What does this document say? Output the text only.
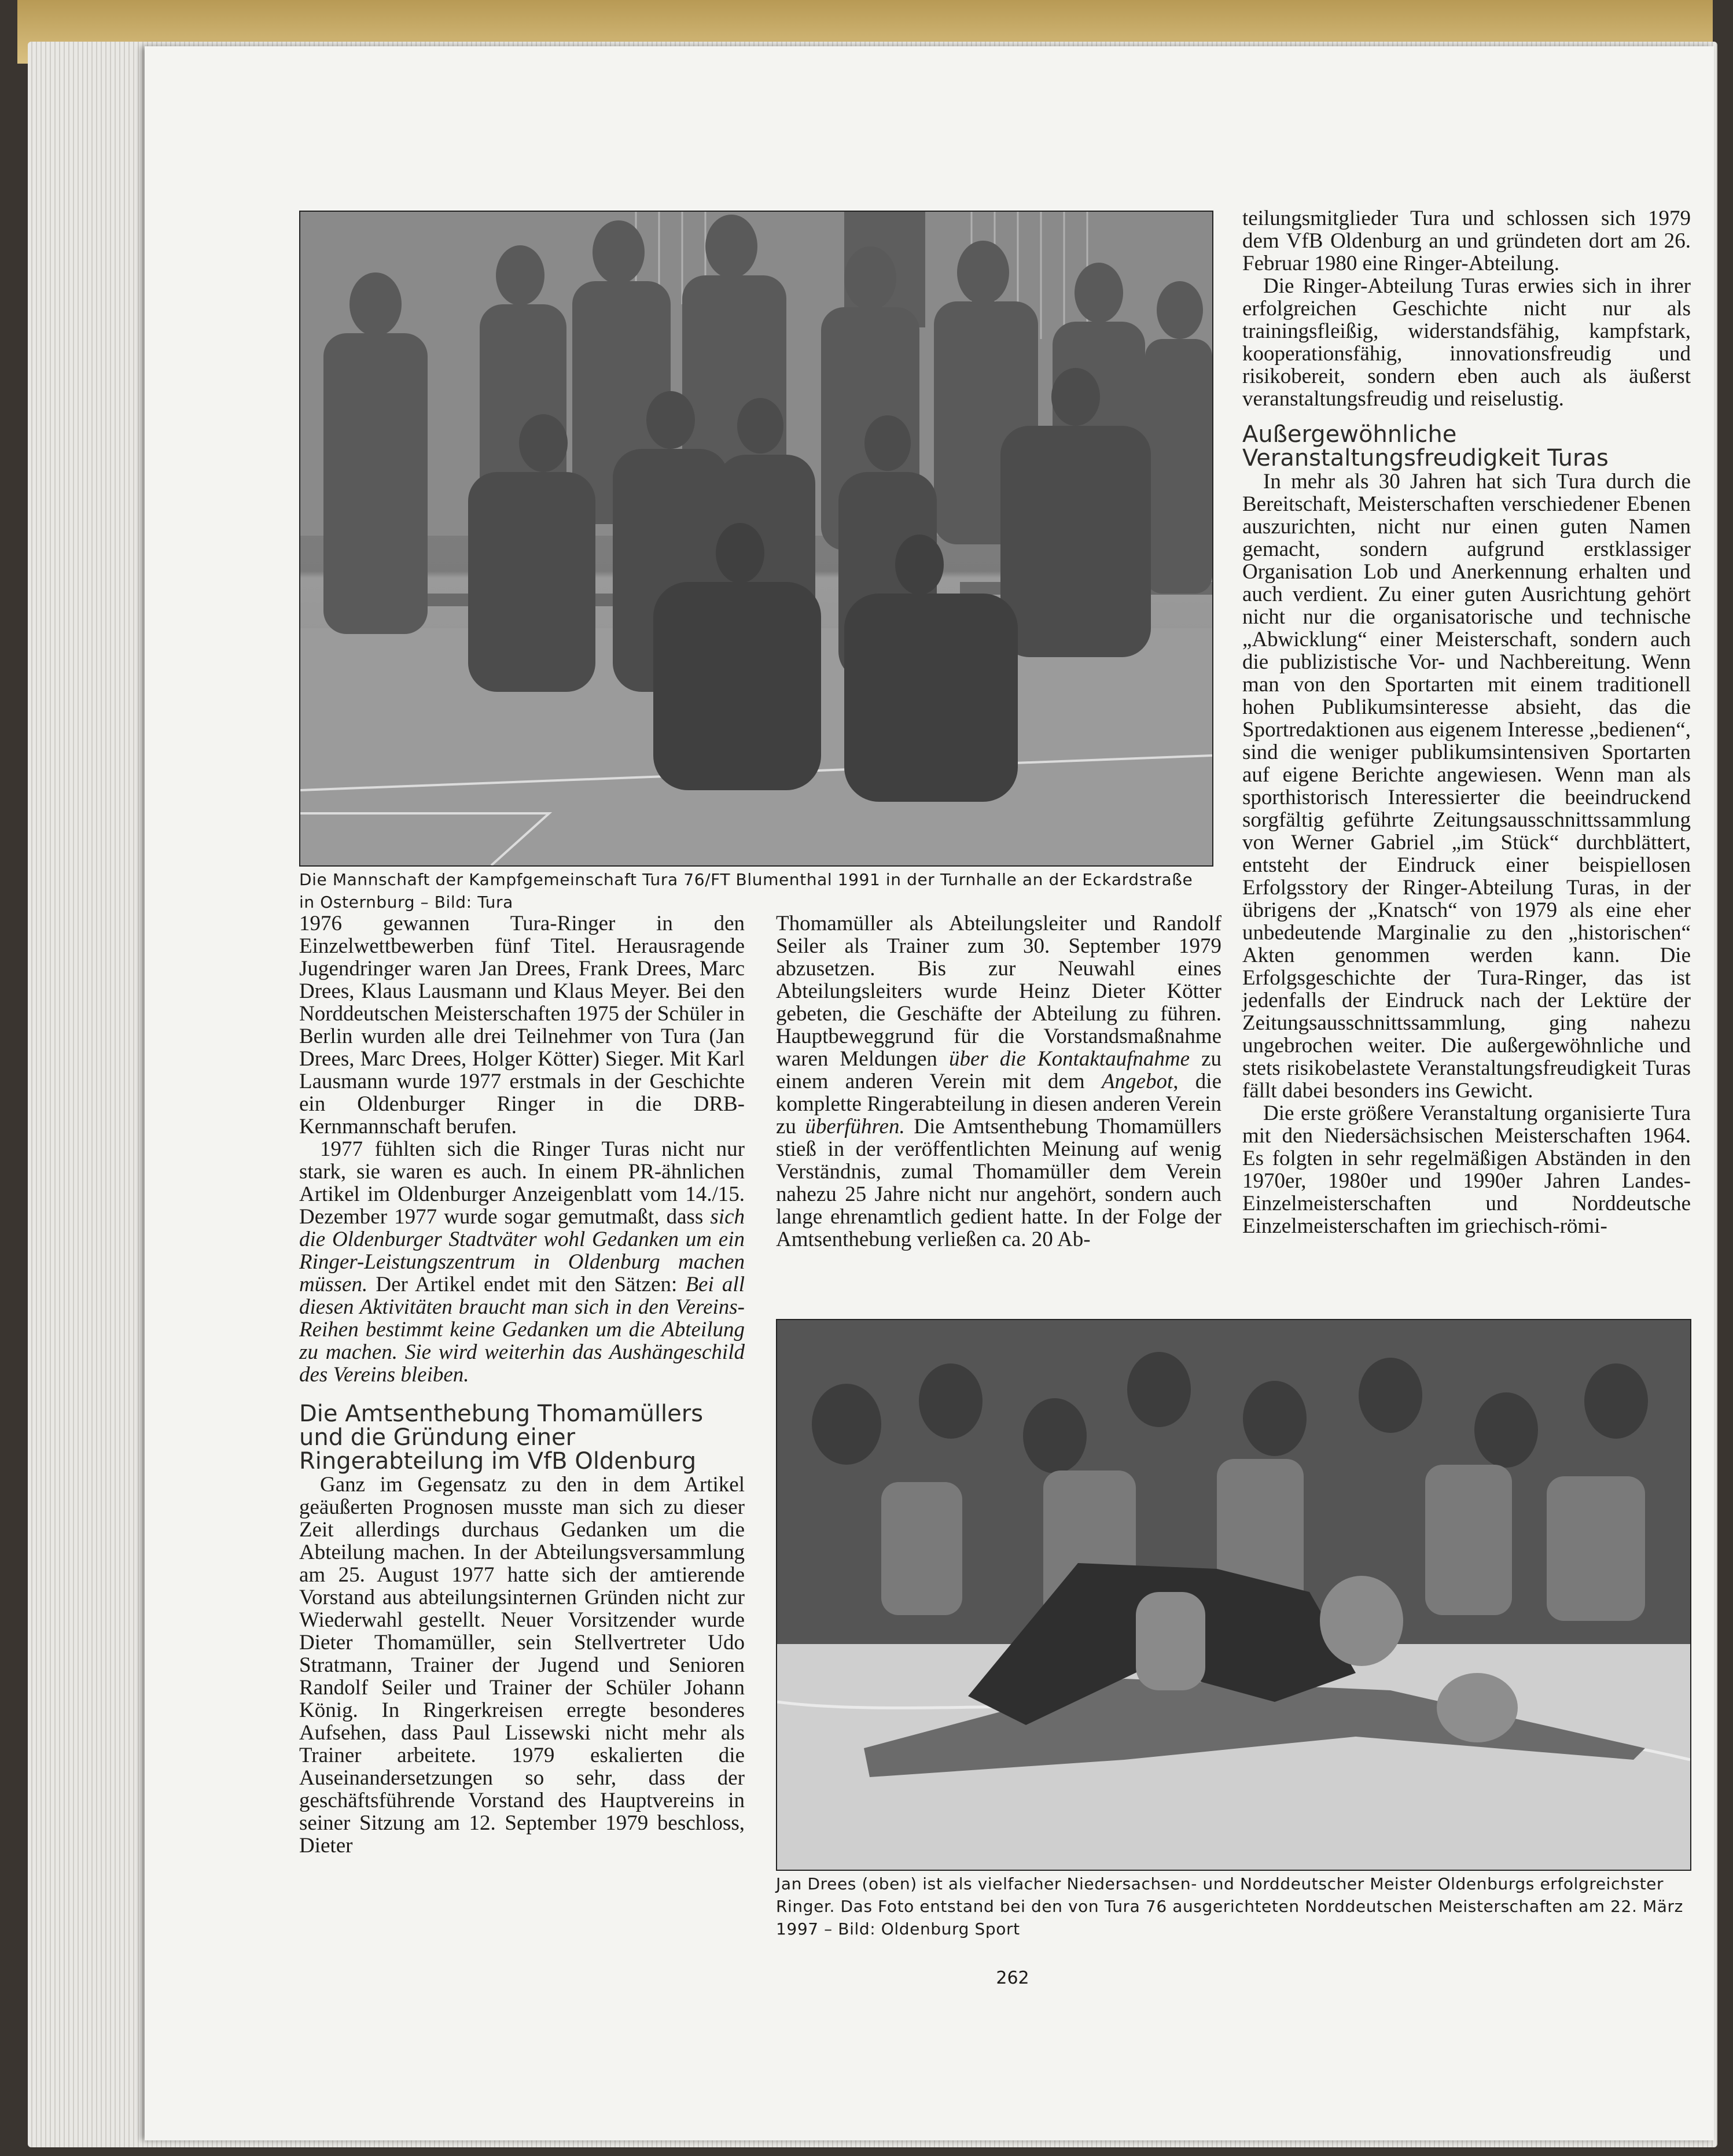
Die Mannschaft der Kampfgemeinschaft Tura 76/FT Blumenthal 1991 in der Turnhalle an der Eckardstraße in Osternburg – Bild: Tura

1976 gewannen Tura-Ringer in den Einzelwettbewerben fünf Titel. Herausragende Jugendringer waren Jan Drees, Frank Drees, Marc Drees, Klaus Lausmann und Klaus Meyer. Bei den Norddeutschen Meisterschaften 1975 der Schüler in Berlin wurden alle drei Teilnehmer von Tura (Jan Drees, Marc Drees, Holger Kötter) Sieger. Mit Karl Lausmann wurde 1977 erstmals in der Geschichte ein Oldenburger Ringer in die DRB-Kernmannschaft berufen.

1977 fühlten sich die Ringer Turas nicht nur stark, sie waren es auch. In einem PR-ähnlichen Artikel im Oldenburger Anzeigenblatt vom 14./15. Dezember 1977 wurde sogar gemutmaßt, dass sich die Oldenburger Stadtväter wohl Gedanken um ein Ringer-Leistungszentrum in Oldenburg machen müssen. Der Artikel endet mit den Sätzen: Bei all diesen Aktivitäten braucht man sich in den Vereins-Reihen bestimmt keine Gedanken um die Abteilung zu machen. Sie wird weiterhin das Aushängeschild des Vereins bleiben.

Die Amtsenthebung Thomamüllers und die Gründung einer Ringerabteilung im VfB Oldenburg

Ganz im Gegensatz zu den in dem Artikel geäußerten Prognosen musste man sich zu dieser Zeit allerdings durchaus Gedanken um die Abteilung machen. In der Abteilungsversammlung am 25. August 1977 hatte sich der amtierende Vorstand aus abteilungsinternen Gründen nicht zur Wiederwahl gestellt. Neuer Vorsitzender wurde Dieter Thomamüller, sein Stellvertreter Udo Stratmann, Trainer der Jugend und Senioren Randolf Seiler und Trainer der Schüler Johann König. In Ringerkreisen erregte besonderes Aufsehen, dass Paul Lissewski nicht mehr als Trainer arbeitete. 1979 eskalierten die Auseinandersetzungen so sehr, dass der geschäftsführende Vorstand des Hauptvereins in seiner Sitzung am 12. September 1979 beschloss, Dieter

Thomamüller als Abteilungsleiter und Randolf Seiler als Trainer zum 30. September 1979 abzusetzen. Bis zur Neuwahl eines Abteilungsleiters wurde Heinz Dieter Kötter gebeten, die Geschäfte der Abteilung zu führen. Hauptbeweggrund für die Vorstandsmaßnahme waren Meldungen über die Kontaktaufnahme zu einem anderen Verein mit dem Angebot, die komplette Ringerabteilung in diesen anderen Verein zu überführen. Die Amtsenthebung Thomamüllers stieß in der veröffentlichten Meinung auf wenig Verständnis, zumal Thomamüller dem Verein nahezu 25 Jahre nicht nur angehört, sondern auch lange ehrenamtlich gedient hatte. In der Folge der Amtsenthebung verließen ca. 20 Ab-

teilungsmitglieder Tura und schlossen sich 1979 dem VfB Oldenburg an und gründeten dort am 26. Februar 1980 eine Ringer-Abteilung.

Die Ringer-Abteilung Turas erwies sich in ihrer erfolgreichen Geschichte nicht nur als trainingsfleißig, widerstandsfähig, kampfstark, kooperationsfähig, innovationsfreudig und risikobereit, sondern eben auch als äußerst veranstaltungsfreudig und reiselustig.

Außergewöhnliche Veranstaltungsfreudigkeit Turas

In mehr als 30 Jahren hat sich Tura durch die Bereitschaft, Meisterschaften verschiedener Ebenen auszurichten, nicht nur einen guten Namen gemacht, sondern aufgrund erstklassiger Organisation Lob und Anerkennung erhalten und auch verdient. Zu einer guten Ausrichtung gehört nicht nur die organisatorische und technische „Abwicklung“ einer Meisterschaft, sondern auch die publizistische Vor- und Nachbereitung. Wenn man von den Sportarten mit einem traditionell hohen Publikumsinteresse absieht, das die Sportredaktionen aus eigenem Interesse „bedienen“, sind die weniger publikumsintensiven Sportarten auf eigene Berichte angewiesen. Wenn man als sporthistorisch Interessierter die beeindruckend sorgfältig geführte Zeitungsausschnittssammlung von Werner Gabriel „im Stück“ durchblättert, entsteht der Eindruck einer beispiellosen Erfolgsstory der Ringer-Abteilung Turas, in der übrigens der „Knatsch“ von 1979 als eine eher unbedeutende Marginalie zu den „historischen“ Akten genommen werden kann. Die Erfolgsgeschichte der Tura-Ringer, das ist jedenfalls der Eindruck nach der Lektüre der Zeitungsausschnittssammlung, ging nahezu ungebrochen weiter. Die außergewöhnliche und stets risikobelastete Veranstaltungsfreudigkeit Turas fällt dabei besonders ins Gewicht.

Die erste größere Veranstaltung organisierte Tura mit den Niedersächsischen Meisterschaften 1964. Es folgten in sehr regelmäßigen Abständen in den 1970er, 1980er und 1990er Jahren Landes-Einzelmeisterschaften und Norddeutsche Einzelmeisterschaften im griechisch-römi-

Jan Drees (oben) ist als vielfacher Niedersachsen- und Norddeutscher Meister Oldenburgs erfolgreichster Ringer. Das Foto entstand bei den von Tura 76 ausgerichteten Norddeutschen Meisterschaften am 22. März 1997 – Bild: Oldenburg Sport
262
